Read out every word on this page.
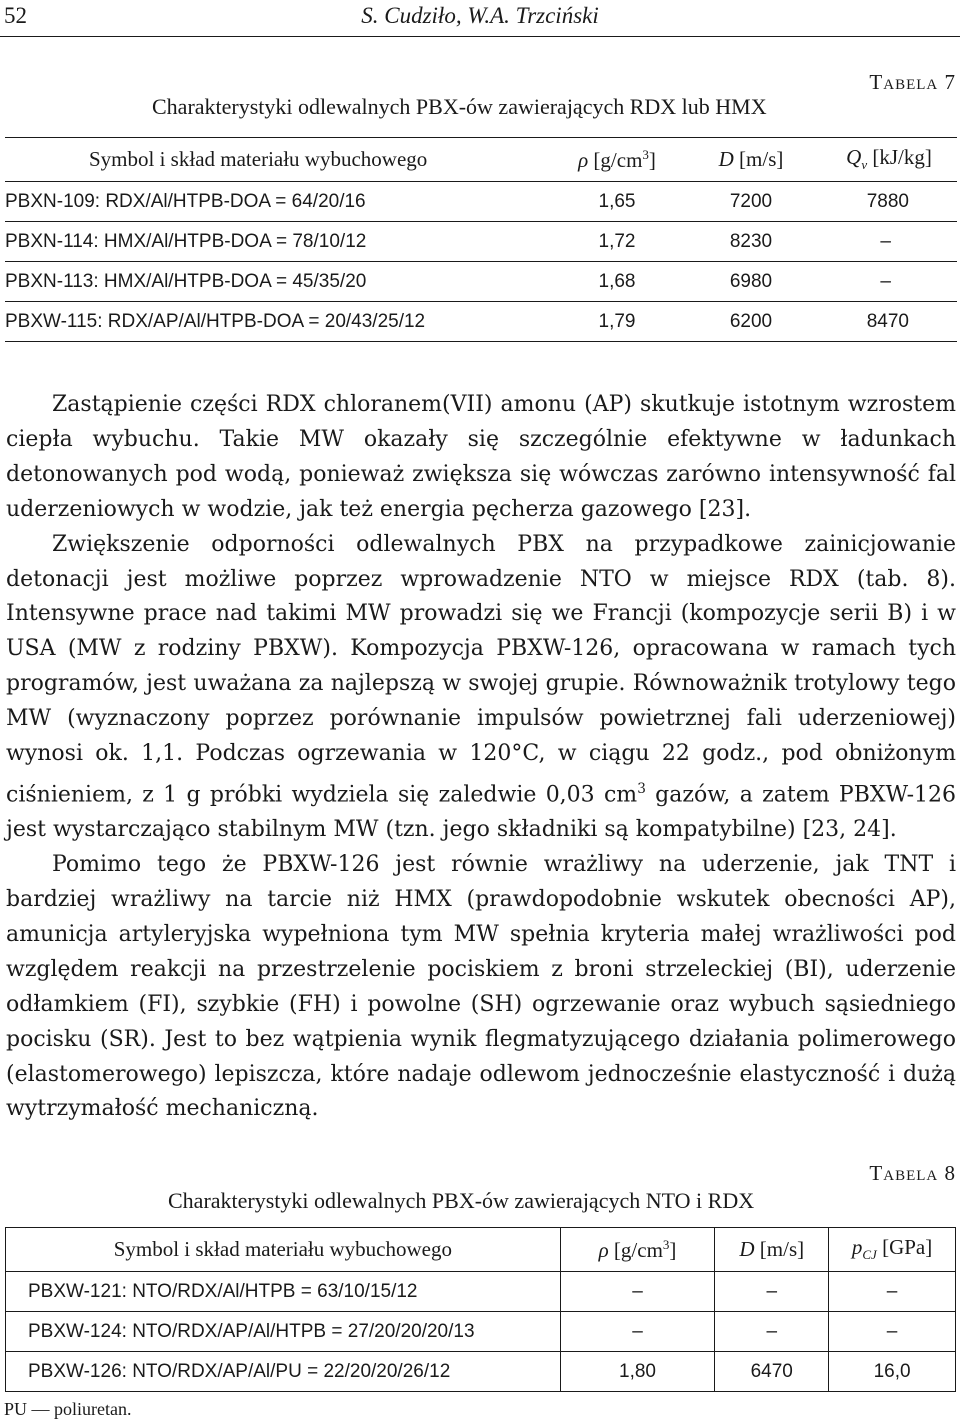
52	S. Cudziło, W.A. Trzciński
Tabela 7
Charakterystyki odlewalnych PBX-ów zawierających RDX lub HMX
Symbol i skład materiału wybuchowego	ρ $[g/cm^3]$	D [m/s]	$Q_v$ [kJ/kg]
PBXN-109: RDX/Al/HTPB-DOA = 64/20/16	1,65	7200	7880
PBXN-114: HMX/Al/HTPB-DOA = 78/10/12	1,72	8230	–
PBXN-113: HMX/Al/HTPB-DOA = 45/35/20	1,68	6980	–
PBXW-115: RDX/AP/Al/HTPB-DOA = 20/43/25/12	1,79	6200	8470

Zastąpienie części RDX chloranem(VII) amonu (AP) skutkuje istotnym wzrostem ciepła wybuchu. Takie MW okazały się szczególnie efektywne w ładunkach detonowanych pod wodą, ponieważ zwiększa się wówczas zarówno intensywność fal uderzeniowych w wodzie, jak też energia pęcherza gazowego [23].

Zwiększenie odporności odlewalnych PBX na przypadkowe zainicjowanie detonacji jest możliwe poprzez wprowadzenie NTO w miejsce RDX (tab. 8). Intensywne prace nad takimi MW prowadzi się we Francji (kompozycje serii B) i w USA (MW z rodziny PBXW). Kompozycja PBXW-126, opracowana w ramach tych programów, jest uważana za najlepszą w swojej grupie. Równoważnik trotylowy tego MW (wyznaczony poprzez porównanie impulsów powietrznej fali uderzeniowej) wynosi ok. 1,1. Podczas ogrzewania w 120°C, w ciągu 22 godz., pod obniżonym ciśnieniem, z 1 g próbki wydziela się zaledwie 0,03 $cm^3$ gazów, a zatem PBXW-126 jest wystarczająco stabilnym MW (tzn. jego składniki są kompatybilne) [23, 24].

Pomimo tego że PBXW-126 jest równie wrażliwy na uderzenie, jak TNT i bardziej wrażliwy na tarcie niż HMX (prawdopodobnie wskutek obecności AP), amunicja artyleryjska wypełniona tym MW spełnia kryteria małej wrażliwości pod względem reakcji na przestrzelenie pociskiem z broni strzeleckiej (BI), uderzenie odłamkiem (FI), szybkie (FH) i powolne (SH) ogrzewanie oraz wybuch sąsiedniego pocisku (SR). Jest to bez wątpienia wynik flegmatyzującego działania polimerowego (elastomerowego) lepiszcza, które nadaje odlewom jednocześnie elastyczność i dużą wytrzymałość mechaniczną.

Tabela 8
Charakterystyki odlewalnych PBX-ów zawierających NTO i RDX
Symbol i skład materiału wybuchowego	ρ $[g/cm^3]$	D [m/s]	$p_{CJ}$ [GPa]
PBXW-121: NTO/RDX/Al/HTPB = 63/10/15/12	–	–	–
PBXW-124: NTO/RDX/AP/Al/HTPB = 27/20/20/20/13	–	–	–
PBXW-126: NTO/RDX/AP/Al/PU = 22/20/20/26/12	1,80	6470	16,0
PU — poliuretan.
